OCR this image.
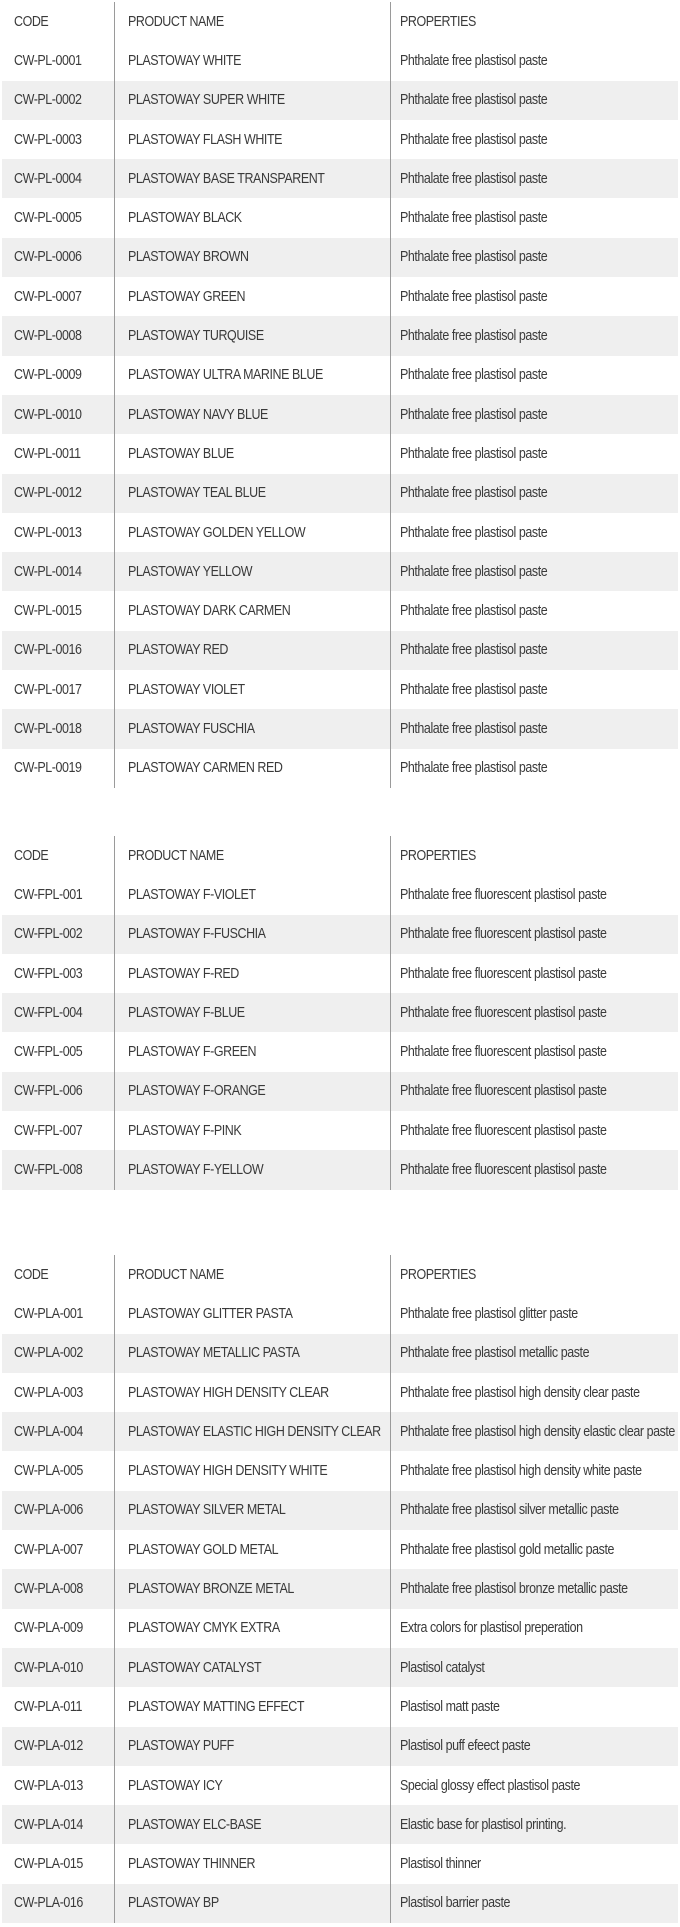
CODE	PRODUCT NAME	PROPERTIES
CW-PL-0001	PLASTOWAY WHITE	Phthalate free plastisol paste
CW-PL-0002	PLASTOWAY SUPER WHITE	Phthalate free plastisol paste
CW-PL-0003	PLASTOWAY FLASH WHITE	Phthalate free plastisol paste
CW-PL-0004	PLASTOWAY BASE TRANSPARENT	Phthalate free plastisol paste
CW-PL-0005	PLASTOWAY BLACK	Phthalate free plastisol paste
CW-PL-0006	PLASTOWAY BROWN	Phthalate free plastisol paste
CW-PL-0007	PLASTOWAY GREEN	Phthalate free plastisol paste
CW-PL-0008	PLASTOWAY TURQUISE	Phthalate free plastisol paste
CW-PL-0009	PLASTOWAY ULTRA MARINE BLUE	Phthalate free plastisol paste
CW-PL-0010	PLASTOWAY NAVY BLUE	Phthalate free plastisol paste
CW-PL-0011	PLASTOWAY BLUE	Phthalate free plastisol paste
CW-PL-0012	PLASTOWAY TEAL BLUE	Phthalate free plastisol paste
CW-PL-0013	PLASTOWAY GOLDEN YELLOW	Phthalate free plastisol paste
CW-PL-0014	PLASTOWAY YELLOW	Phthalate free plastisol paste
CW-PL-0015	PLASTOWAY DARK CARMEN	Phthalate free plastisol paste
CW-PL-0016	PLASTOWAY RED	Phthalate free plastisol paste
CW-PL-0017	PLASTOWAY VIOLET	Phthalate free plastisol paste
CW-PL-0018	PLASTOWAY FUSCHIA	Phthalate free plastisol paste
CW-PL-0019	PLASTOWAY CARMEN RED	Phthalate free plastisol paste
CODE	PRODUCT NAME	PROPERTIES
CW-FPL-001	PLASTOWAY F-VIOLET	Phthalate free fluorescent plastisol paste
CW-FPL-002	PLASTOWAY F-FUSCHIA	Phthalate free fluorescent plastisol paste
CW-FPL-003	PLASTOWAY F-RED	Phthalate free fluorescent plastisol paste
CW-FPL-004	PLASTOWAY F-BLUE	Phthalate free fluorescent plastisol paste
CW-FPL-005	PLASTOWAY F-GREEN	Phthalate free fluorescent plastisol paste
CW-FPL-006	PLASTOWAY F-ORANGE	Phthalate free fluorescent plastisol paste
CW-FPL-007	PLASTOWAY F-PINK	Phthalate free fluorescent plastisol paste
CW-FPL-008	PLASTOWAY F-YELLOW	Phthalate free fluorescent plastisol paste
CODE	PRODUCT NAME	PROPERTIES
CW-PLA-001	PLASTOWAY GLITTER PASTA	Phthalate free plastisol glitter paste
CW-PLA-002	PLASTOWAY METALLIC PASTA	Phthalate free plastisol metallic paste
CW-PLA-003	PLASTOWAY HIGH DENSITY CLEAR	Phthalate free plastisol high density clear paste
CW-PLA-004	PLASTOWAY ELASTIC HIGH DENSITY CLEAR	Phthalate free plastisol high density elastic clear paste
CW-PLA-005	PLASTOWAY HIGH DENSITY WHITE	Phthalate free plastisol high density white paste
CW-PLA-006	PLASTOWAY SILVER METAL	Phthalate free plastisol silver metallic paste
CW-PLA-007	PLASTOWAY GOLD METAL	Phthalate free plastisol gold metallic paste
CW-PLA-008	PLASTOWAY BRONZE METAL	Phthalate free plastisol bronze metallic paste
CW-PLA-009	PLASTOWAY CMYK EXTRA	Extra colors for plastisol preperation
CW-PLA-010	PLASTOWAY CATALYST	Plastisol catalyst
CW-PLA-011	PLASTOWAY MATTING EFFECT	Plastisol matt paste
CW-PLA-012	PLASTOWAY PUFF	Plastisol puff efeect paste
CW-PLA-013	PLASTOWAY ICY	Special glossy effect plastisol paste
CW-PLA-014	PLASTOWAY ELC-BASE	Elastic base for plastisol printing.
CW-PLA-015	PLASTOWAY THINNER	Plastisol thinner
CW-PLA-016	PLASTOWAY BP	Plastisol barrier paste
